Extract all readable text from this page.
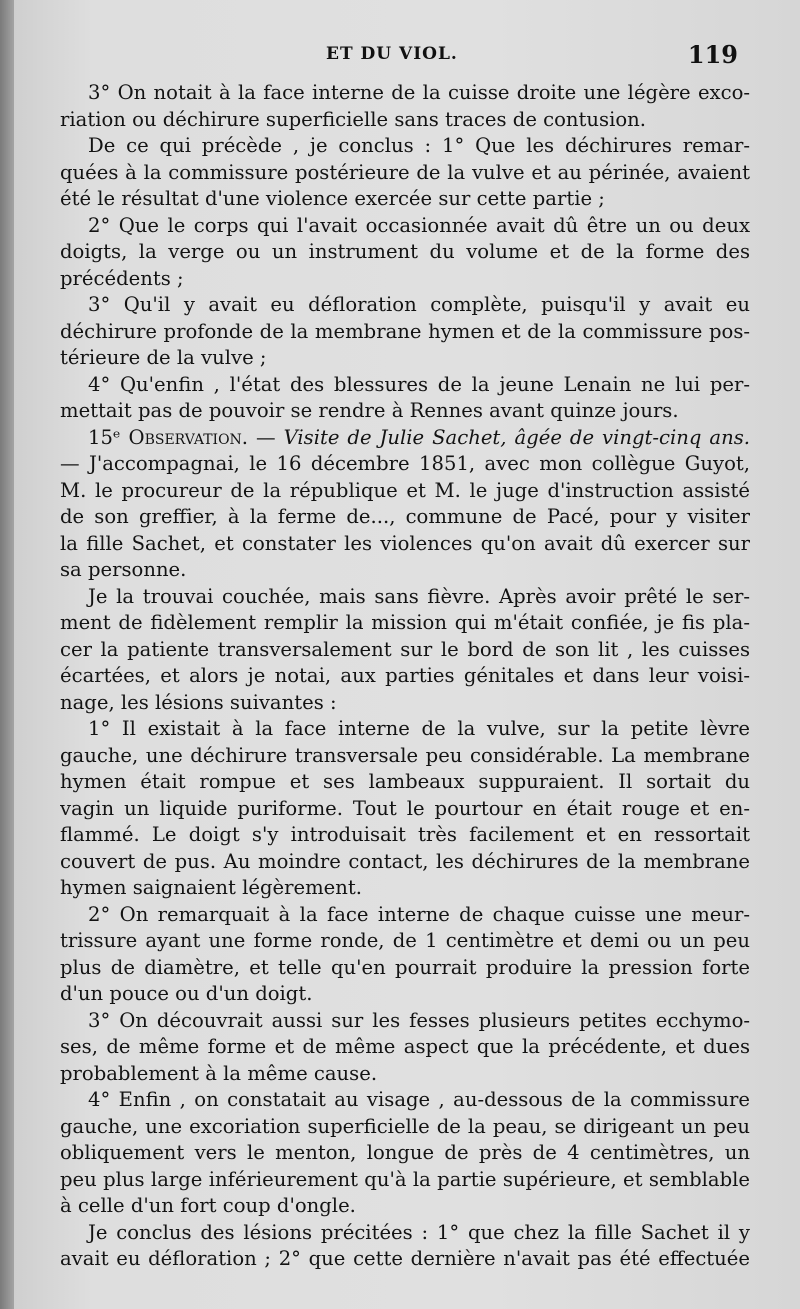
ET DU VIOL.	119
3° On notait à la face interne de la cuisse droite une légère exco-
riation ou déchirure superficielle sans traces de contusion.
De ce qui précède , je conclus : 1° Que les déchirures remar-
quées à la commissure postérieure de la vulve et au périnée, avaient
été le résultat d'une violence exercée sur cette partie ;
2° Que le corps qui l'avait occasionnée avait dû être un ou deux
doigts, la verge ou un instrument du volume et de la forme des
précédents ;
3° Qu'il y avait eu défloration complète, puisqu'il y avait eu
déchirure profonde de la membrane hymen et de la commissure pos-
térieure de la vulve ;
4° Qu'enfin , l'état des blessures de la jeune Lenain ne lui per-
mettait pas de pouvoir se rendre à Rennes avant quinze jours.
15ᵉ Observation. — Visite de Julie Sachet, âgée de vingt-cinq ans.
— J'accompagnai, le 16 décembre 1851, avec mon collègue Guyot,
M. le procureur de la république et M. le juge d'instruction assisté
de son greffier, à la ferme de..., commune de Pacé, pour y visiter
la fille Sachet, et constater les violences qu'on avait dû exercer sur
sa personne.
Je la trouvai couchée, mais sans fièvre. Après avoir prêté le ser-
ment de fidèlement remplir la mission qui m'était confiée, je fis pla-
cer la patiente transversalement sur le bord de son lit , les cuisses
écartées, et alors je notai, aux parties génitales et dans leur voisi-
nage, les lésions suivantes :
1° Il existait à la face interne de la vulve, sur la petite lèvre
gauche, une déchirure transversale peu considérable. La membrane
hymen était rompue et ses lambeaux suppuraient. Il sortait du
vagin un liquide puriforme. Tout le pourtour en était rouge et en-
flammé. Le doigt s'y introduisait très facilement et en ressortait
couvert de pus. Au moindre contact, les déchirures de la membrane
hymen saignaient légèrement.
2° On remarquait à la face interne de chaque cuisse une meur-
trissure ayant une forme ronde, de 1 centimètre et demi ou un peu
plus de diamètre, et telle qu'en pourrait produire la pression forte
d'un pouce ou d'un doigt.
3° On découvrait aussi sur les fesses plusieurs petites ecchymo-
ses, de même forme et de même aspect que la précédente, et dues
probablement à la même cause.
4° Enfin , on constatait au visage , au-dessous de la commissure
gauche, une excoriation superficielle de la peau, se dirigeant un peu
obliquement vers le menton, longue de près de 4 centimètres, un
peu plus large inférieurement qu'à la partie supérieure, et semblable
à celle d'un fort coup d'ongle.
Je conclus des lésions précitées : 1° que chez la fille Sachet il y
avait eu défloration ; 2° que cette dernière n'avait pas été effectuée
